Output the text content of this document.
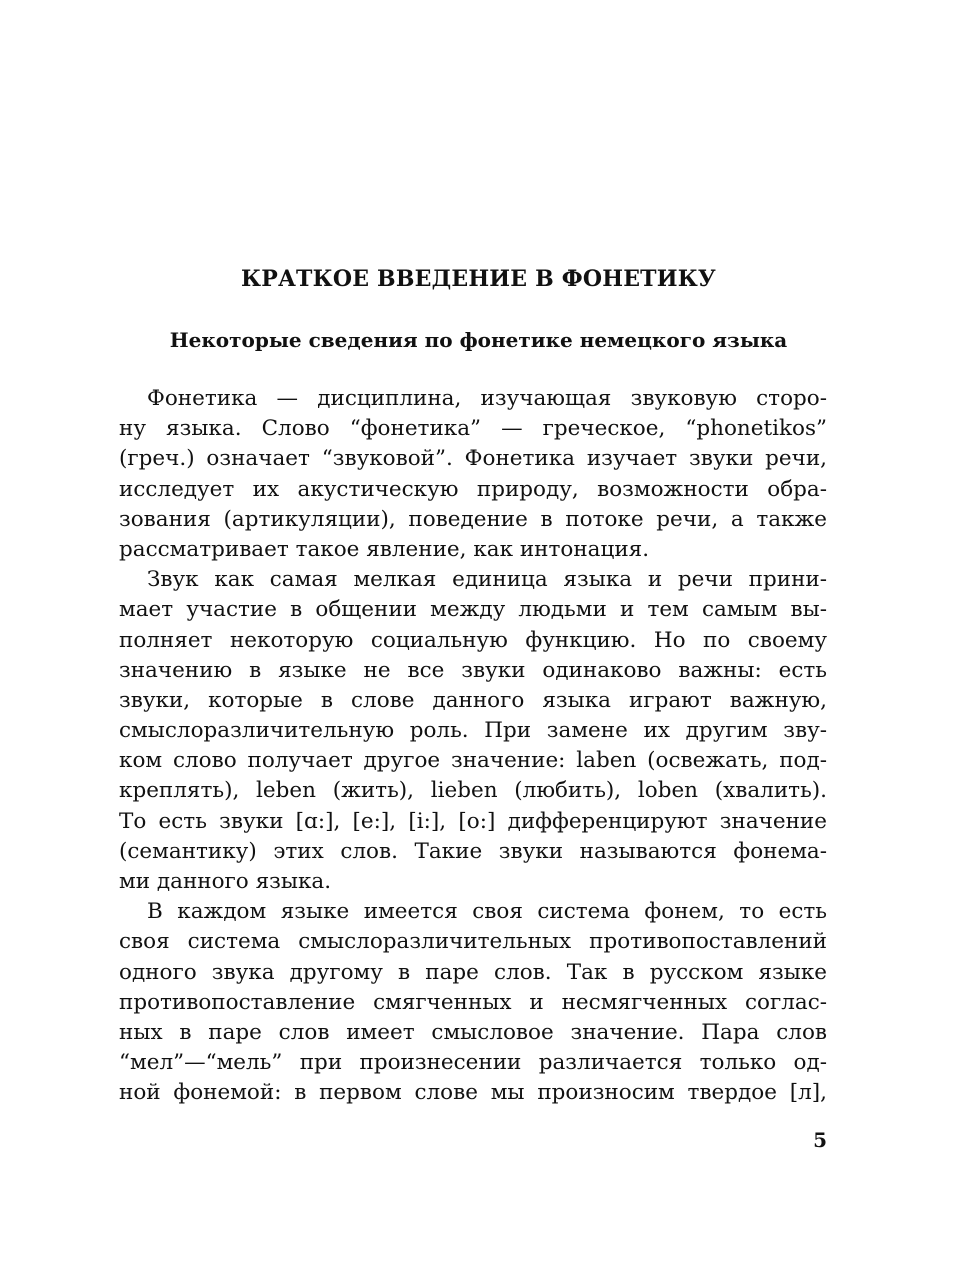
КРАТКОЕ ВВЕДЕНИЕ В ФОНЕТИКУ
Некоторые сведения по фонетике немецкого языка
Фонетика — дисциплина, изучающая звуковую сторо-
ну языка. Слово “фонетика” — греческое, “phonetikos”
(греч.) означает “звуковой”. Фонетика изучает звуки речи,
исследует их акустическую природу, возможности обра-
зования (артикуляции), поведение в потоке речи, а также
рассматривает такое явление, как интонация.
Звук как самая мелкая единица языка и речи прини-
мает участие в общении между людьми и тем самым вы-
полняет некоторую социальную функцию. Но по своему
значению в языке не все звуки одинаково важны: есть
звуки, которые в слове данного языка играют важную,
смыслоразличительную роль. При замене их другим зву-
ком слово получает другое значение: laben (освежать, под-
креплять), leben (жить), lieben (любить), loben (хвалить).
То есть звуки [ɑ:], [e:], [i:], [o:] дифференцируют значение
(семантику) этих слов. Такие звуки называются фонема-
ми данного языка.
В каждом языке имеется своя система фонем, то есть
своя система смыслоразличительных противопоставлений
одного звука другому в паре слов. Так в русском языке
противопоставление смягченных и несмягченных соглас-
ных в паре слов имеет смысловое значение. Пара слов
“мел”—“мель” при произнесении различается только од-
ной фонемой: в первом слове мы произносим твердое [л],
5
